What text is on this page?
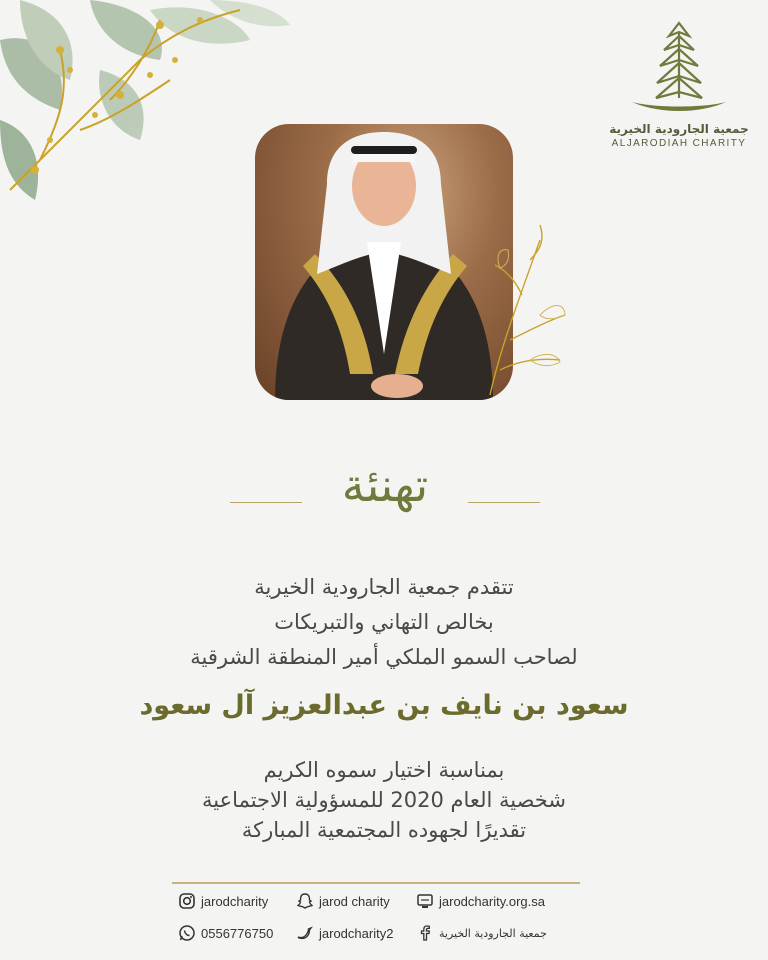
جمعية الجارودية الخيرية
ALJARODIAH CHARITY
تهنئة
تتقدم جمعية الجارودية الخيرية
بخالص التهاني والتبريكات
لصاحب السمو الملكي أمير المنطقة الشرقية
سعود بن نايف بن عبدالعزيز آل سعود
بمناسبة اختيار سموه الكريم
شخصية العام 2020 للمسؤولية الاجتماعية
تقديرًا لجهوده المجتمعية المباركة
jarodcharity	jarod charity	jarodcharity.org.sa
0556776750	jarodcharity2	جمعية الجارودية الخيرية
